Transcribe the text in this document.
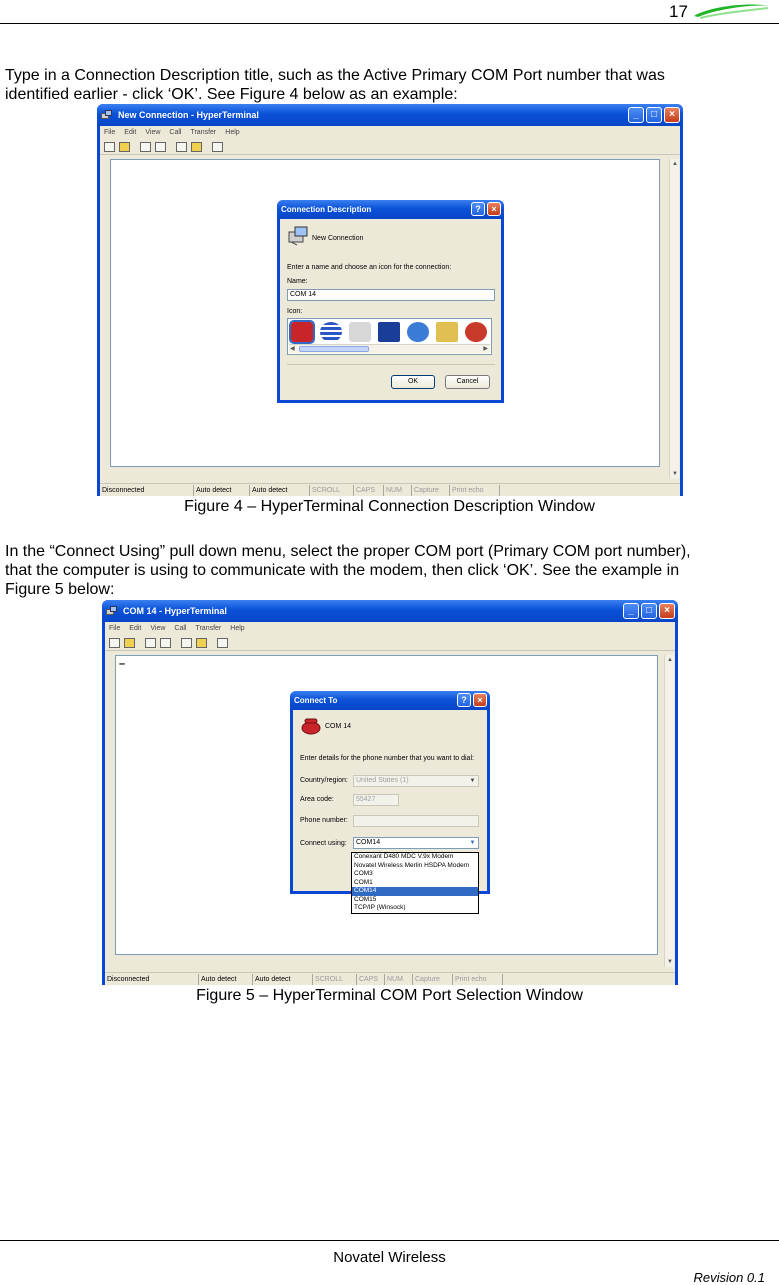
17
Type in a Connection Description title, such as the Active Primary COM Port number that was
identified earlier - click ‘OK’. See Figure 4 below as an example:
New Connection - HyperTerminal	_	□	×
File Edit View Call Transfer Help
▲
▼
Disconnected	Auto detect	Auto detect	SCROLL	CAPS	NUM	Capture	Print echo
Connection Description	?	×
New Connection
Enter a name and choose an icon for the connection:
Name:
COM 14
Icon:
◀	▶
OK	Cancel
Figure 4 – HyperTerminal Connection Description Window
In the “Connect Using” pull down menu, select the proper COM port (Primary COM port number),
that the computer is using to communicate with the modem, then click ‘OK’. See the example in
Figure 5 below:
COM 14 - HyperTerminal	_	□	×
File Edit View Call Transfer Help
–	▲
▼
Disconnected	Auto detect	Auto detect	SCROLL	CAPS	NUM	Capture	Print echo
Connect To	?	×
COM 14
Enter details for the phone number that you want to dial:
Country/region:	United States (1)	▼
Area code:	55427
Phone number:
Connect using:	COM14	▼
Conexant D480 MDC V.9x Modem
Novatel Wireless Merlin HSDPA Modem
COM3
COM1
COM14
COM15
TCP/IP (Winsock)
Figure 5 – HyperTerminal COM Port Selection Window
Novatel Wireless
Revision 0.1
